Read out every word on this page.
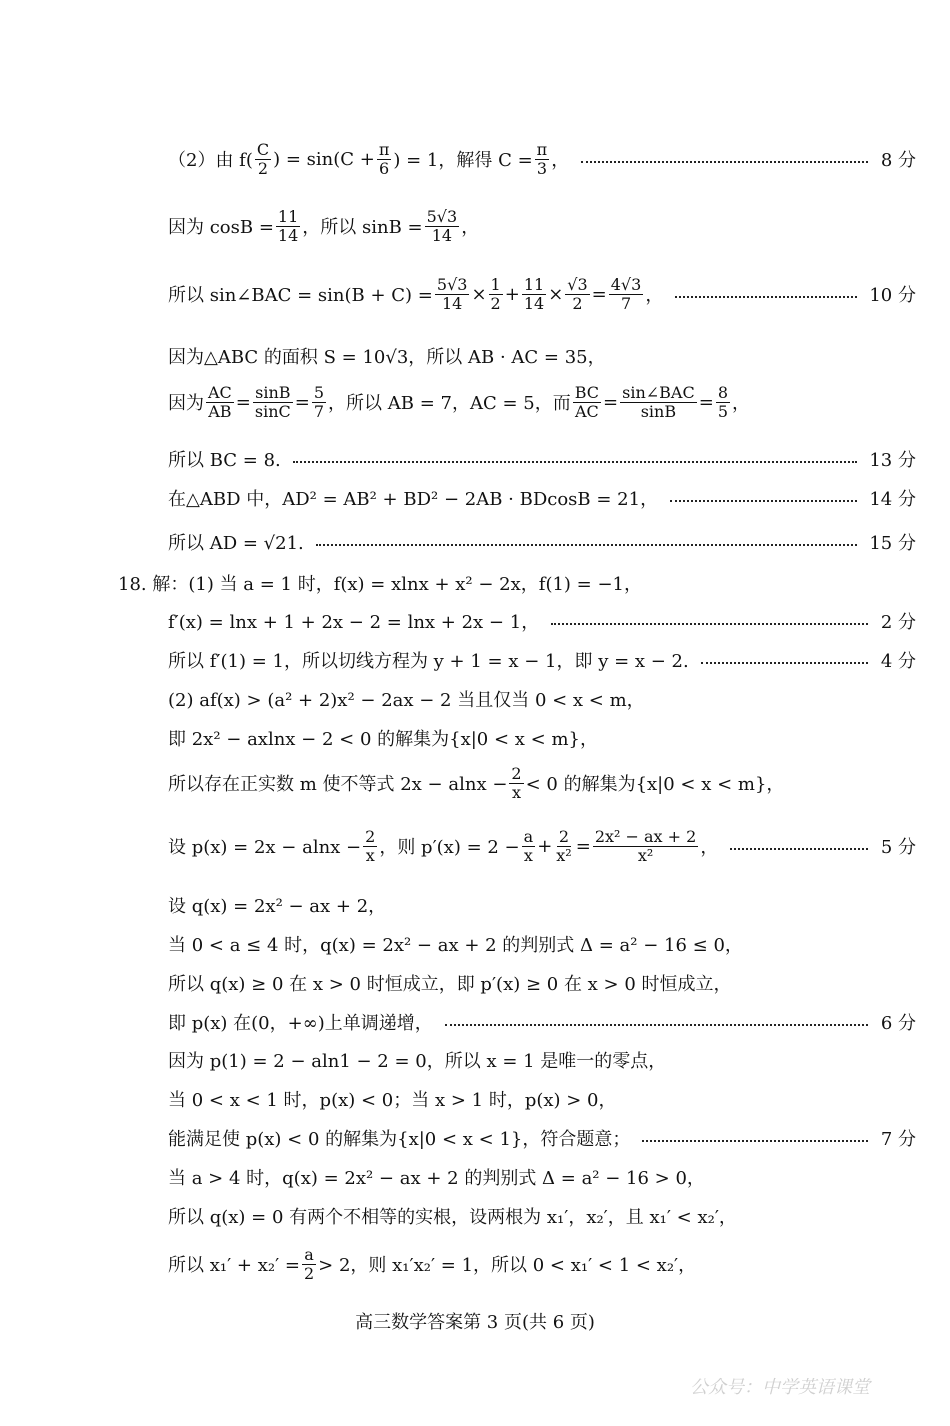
（2）由 $f( \frac{C}{2}$ ) = $\sin(C + \frac{\pi}{6}$ ) = 1，解得 $C = \frac{\pi}{3}$ ，	8 分
因为 $\cos B = \frac{11}{14}$ ，所以 $\sin B = \frac{5√3}{14}$ ，
所以 sin∠BAC = $\sin(B + C) = \frac{5√3}{14} \times \frac{1}{2} + \frac{11}{14} \times \frac{√3}{2} = \frac{4√3}{7}$ ，	10 分
因为△ABC 的面积 S = 10√3，所以 AB · AC = 35，
因为 $\frac{AC}{AB} = \frac{\sin B}{\sin C} = \frac{5}{7}$ ，所以 AB = 7，AC = 5，而 $\frac{BC}{AC} = \frac{\text{sin∠BAC}}{\sin B} = \frac{8}{5}$ ，
所以 BC = 8.	13 分
在△ABD 中，AD² = AB² + BD² − 2AB · BDcosB = 21，	14 分
所以 AD = √21.	15 分
18. 解：(1) 当 a = 1 时，f(x) = xlnx + x² − 2x，f(1) = −1，
f′(x) = lnx + 1 + 2x − 2 = lnx + 2x − 1，	2 分
所以 f′(1) = 1，所以切线方程为 y + 1 = x − 1，即 y = x − 2.	4 分
(2) af(x) > (a² + 2)x² − 2ax − 2 当且仅当 0 < x < m，
即 2x² − axlnx − 2 < 0 的解集为{x|0 < x < m}，
所以存在正实数 m 使不等式 $2x - alnx - \frac{2}{x} < 0$ 的解集为{x|0 < x < m}，
设 $p(x) = 2x - alnx - \frac{2}{x}$ ，则 $p'(x) = 2 - \frac{a}{x} + \frac{2}{\text{x²}} = \frac{\text{2x² − ax + 2}}{\text{x²}}$ ，	5 分
设 q(x) = 2x² − ax + 2，
当 0 < a ≤ 4 时，q(x) = 2x² − ax + 2 的判别式 Δ = a² − 16 ≤ 0，
所以 q(x) ≥ 0 在 x > 0 时恒成立，即 p′(x) ≥ 0 在 x > 0 时恒成立，
即 p(x) 在(0，+∞)上单调递增，	6 分
因为 p(1) = 2 − aln1 − 2 = 0，所以 x = 1 是唯一的零点，
当 0 < x < 1 时，p(x) < 0；当 x > 1 时，p(x) > 0，
能满足使 p(x) < 0 的解集为{x|0 < x < 1}，符合题意；	7 分
当 a > 4 时，q(x) = 2x² − ax + 2 的判别式 Δ = a² − 16 > 0，
所以 q(x) = 0 有两个不相等的实根，设两根为 x₁′，x₂′，且 x₁′ < x₂′，
所以 $x_1' + x_2' = \frac{a}{2} > 2$，则 x₁′x₂′ = 1，所以 0 < x₁′ < 1 < x₂′，
高三数学答案第 3 页(共 6 页)
公众号：中学英语课堂
